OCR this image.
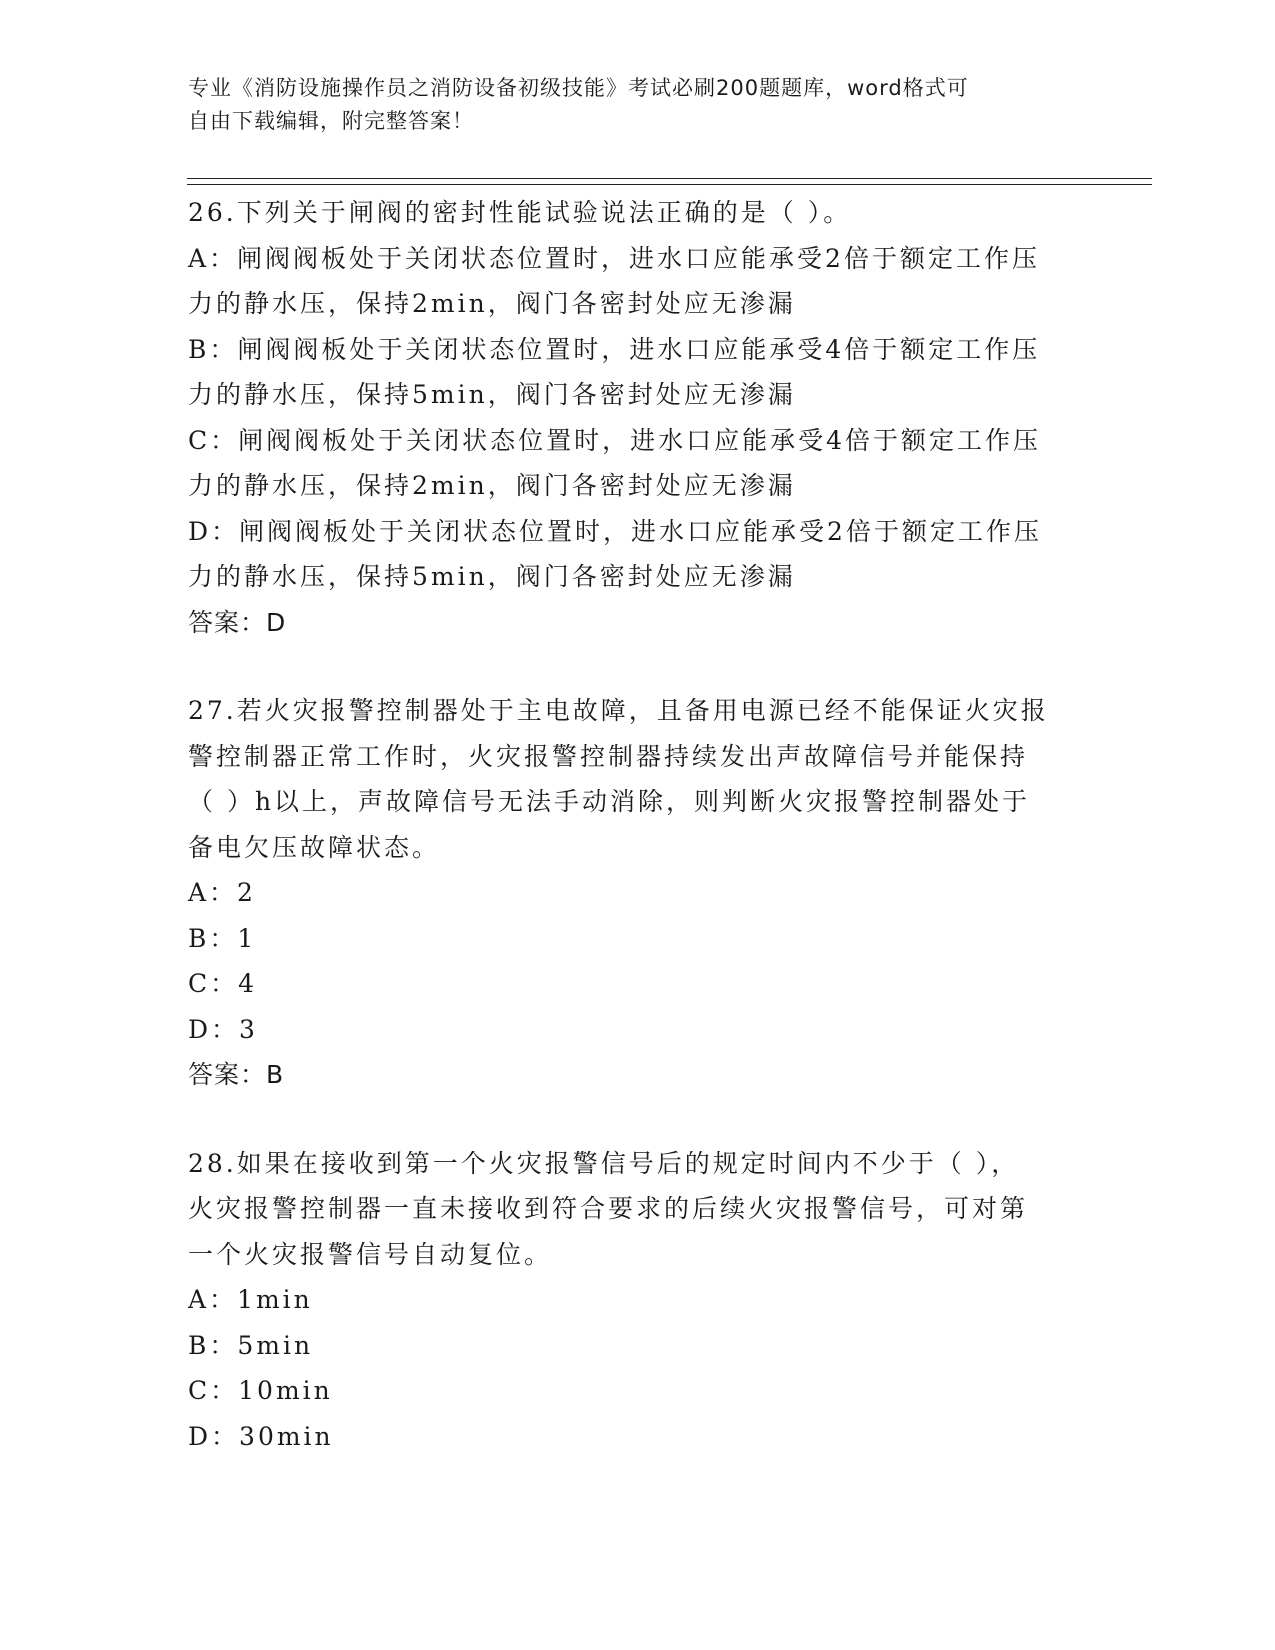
专业《消防设施操作员之消防设备初级技能》考试必刷200题题库，word格式可
自由下载编辑，附完整答案！
26.下列关于闸阀的密封性能试验说法正确的是（ ）。
A：闸阀阀板处于关闭状态位置时，进水口应能承受2倍于额定工作压
力的静水压，保持2min，阀门各密封处应无渗漏
B：闸阀阀板处于关闭状态位置时，进水口应能承受4倍于额定工作压
力的静水压，保持5min，阀门各密封处应无渗漏
C：闸阀阀板处于关闭状态位置时，进水口应能承受4倍于额定工作压
力的静水压，保持2min，阀门各密封处应无渗漏
D：闸阀阀板处于关闭状态位置时，进水口应能承受2倍于额定工作压
力的静水压，保持5min，阀门各密封处应无渗漏
答案：D
27.若火灾报警控制器处于主电故障，且备用电源已经不能保证火灾报
警控制器正常工作时，火灾报警控制器持续发出声故障信号并能保持
（ ）h以上，声故障信号无法手动消除，则判断火灾报警控制器处于
备电欠压故障状态。
A：2
B：1
C：4
D：3
答案：B
28.如果在接收到第一个火灾报警信号后的规定时间内不少于（ ），
火灾报警控制器一直未接收到符合要求的后续火灾报警信号，可对第
一个火灾报警信号自动复位。
A：1min
B：5min
C：10min
D：30min
